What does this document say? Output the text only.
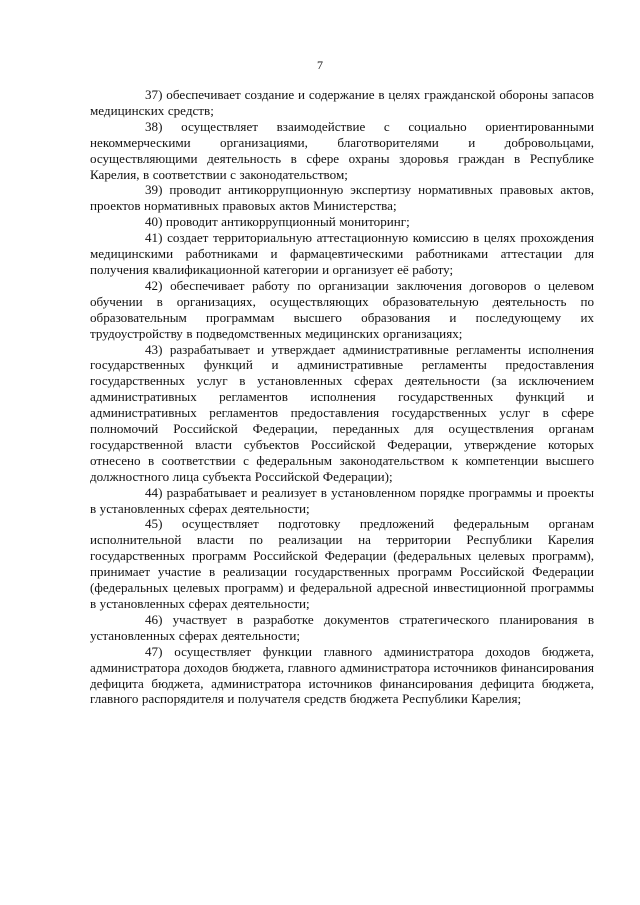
7

37) обеспечивает создание и содержание в целях гражданской обороны запасов медицинских средств;

38) осуществляет взаимодействие с социально ориентированными некоммерческими организациями, благотворителями и добровольцами, осуществляющими деятельность в сфере охраны здоровья граждан в Республике Карелия, в соответствии с законодательством;

39) проводит антикоррупционную экспертизу нормативных правовых актов, проектов нормативных правовых актов Министерства;

40) проводит антикоррупционный мониторинг;

41) создает территориальную аттестационную комиссию в целях прохождения медицинскими работниками и фармацевтическими работниками аттестации для получения квалификационной категории и организует её работу;

42) обеспечивает работу по организации заключения договоров о целевом обучении в организациях, осуществляющих образовательную деятельность по образовательным программам высшего образования и последующему их трудоустройству в подведомственных медицинских организациях;

43) разрабатывает и утверждает административные регламенты исполнения государственных функций и административные регламенты предоставления государственных услуг в установленных сферах деятельности (за исключением административных регламентов исполнения государственных функций и административных регламентов предоставления государственных услуг в сфере полномочий Российской Федерации, переданных для осуществления органам государственной власти субъектов Российской Федерации, утверждение которых отнесено в соответствии с федеральным законодательством к компетенции высшего должностного лица субъекта Российской Федерации);

44) разрабатывает и реализует в установленном порядке программы и проекты в установленных сферах деятельности;

45) осуществляет подготовку предложений федеральным органам исполнительной власти по реализации на территории Республики Карелия государственных программ Российской Федерации (федеральных целевых программ), принимает участие в реализации государственных программ Российской Федерации (федеральных целевых программ) и федеральной адресной инвестиционной программы в установленных сферах деятельности;

46) участвует в разработке документов стратегического планирования в установленных сферах деятельности;

47) осуществляет функции главного администратора доходов бюджета, администратора доходов бюджета, главного администратора источников финансирования дефицита бюджета, администратора источников финансирования дефицита бюджета, главного распорядителя и получателя средств бюджета Республики Карелия;
